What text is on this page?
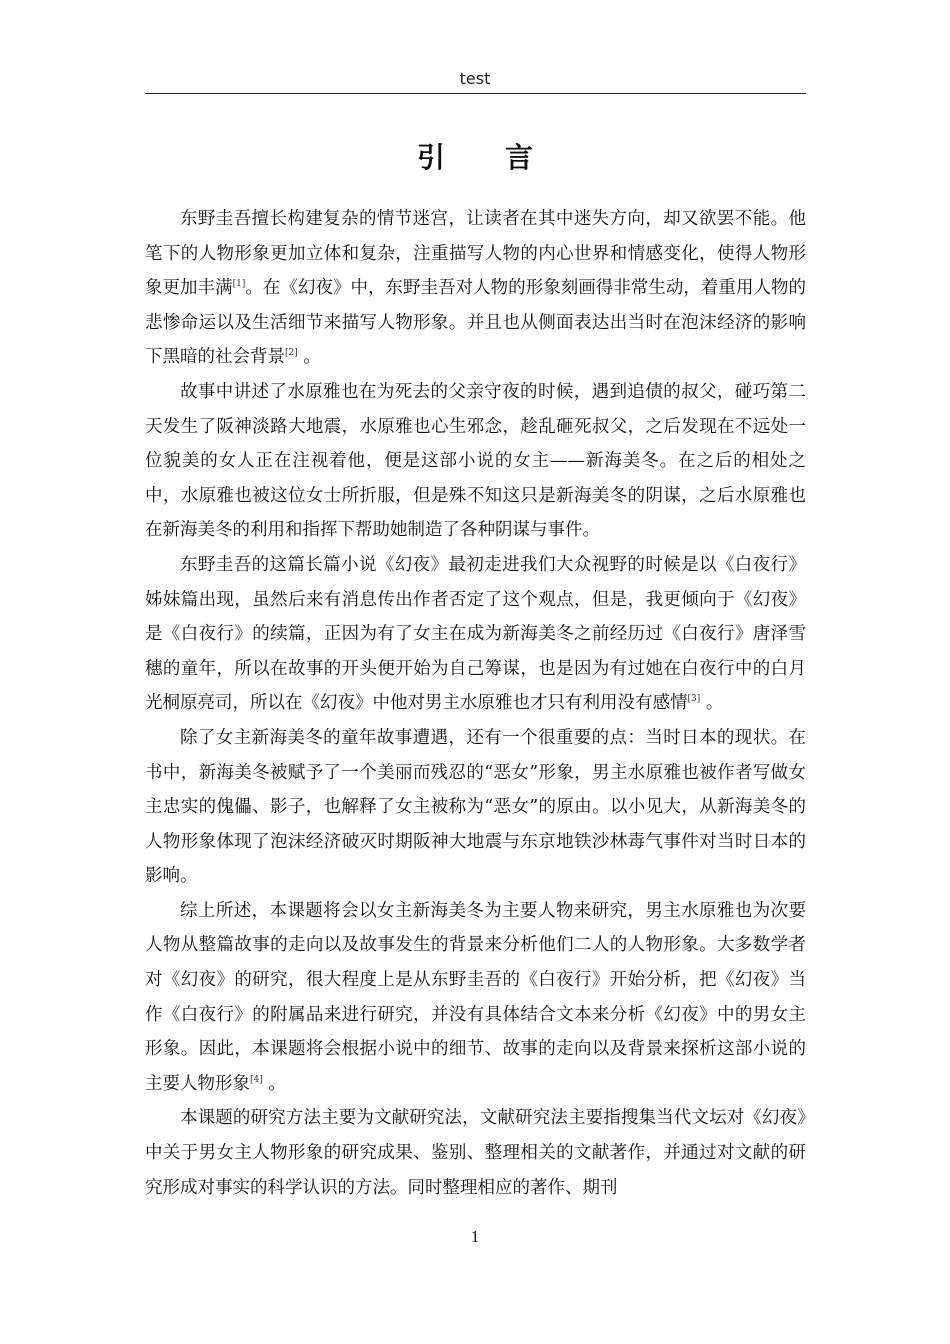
test
引言

东野圭吾擅长构建复杂的情节迷宫，让读者在其中迷失方向，却又欲罢不能。他笔下的人物形象更加立体和复杂，注重描写人物的内心世界和情感变化，使得人物形象更加丰满[1]。在《幻夜》中，东野圭吾对人物的形象刻画得非常生动，着重用人物的悲惨命运以及生活细节来描写人物形象。并且也从侧面表达出当时在泡沫经济的影响下黑暗的社会背景[2] 。

故事中讲述了水原雅也在为死去的父亲守夜的时候，遇到追债的叔父，碰巧第二天发生了阪神淡路大地震，水原雅也心生邪念，趁乱砸死叔父，之后发现在不远处一位貌美的女人正在注视着他，便是这部小说的女主——新海美冬。在之后的相处之中，水原雅也被这位女士所折服，但是殊不知这只是新海美冬的阴谋，之后水原雅也在新海美冬的利用和指挥下帮助她制造了各种阴谋与事件。

东野圭吾的这篇长篇小说《幻夜》最初走进我们大众视野的时候是以《白夜行》姊妹篇出现，虽然后来有消息传出作者否定了这个观点，但是，我更倾向于《幻夜》是《白夜行》的续篇，正因为有了女主在成为新海美冬之前经历过《白夜行》唐泽雪穗的童年，所以在故事的开头便开始为自己筹谋，也是因为有过她在白夜行中的白月光桐原亮司，所以在《幻夜》中他对男主水原雅也才只有利用没有感情[3] 。

除了女主新海美冬的童年故事遭遇，还有一个很重要的点：当时日本的现状。在书中，新海美冬被赋予了一个美丽而残忍的“恶女”形象，男主水原雅也被作者写做女主忠实的傀儡、影子，也解释了女主被称为“恶女”的原由。以小见大，从新海美冬的人物形象体现了泡沫经济破灭时期阪神大地震与东京地铁沙林毒气事件对当时日本的影响。

综上所述，本课题将会以女主新海美冬为主要人物来研究，男主水原雅也为次要人物从整篇故事的走向以及故事发生的背景来分析他们二人的人物形象。大多数学者对《幻夜》的研究，很大程度上是从东野圭吾的《白夜行》开始分析，把《幻夜》当作《白夜行》的附属品来进行研究，并没有具体结合文本来分析《幻夜》中的男女主形象。因此，本课题将会根据小说中的细节、故事的走向以及背景来探析这部小说的主要人物形象[4] 。

本课题的研究方法主要为文献研究法，文献研究法主要指搜集当代文坛对《幻夜》中关于男女主人物形象的研究成果、鉴别、整理相关的文献著作，并通过对文献的研究形成对事实的科学认识的方法。同时整理相应的著作、期刊

1
